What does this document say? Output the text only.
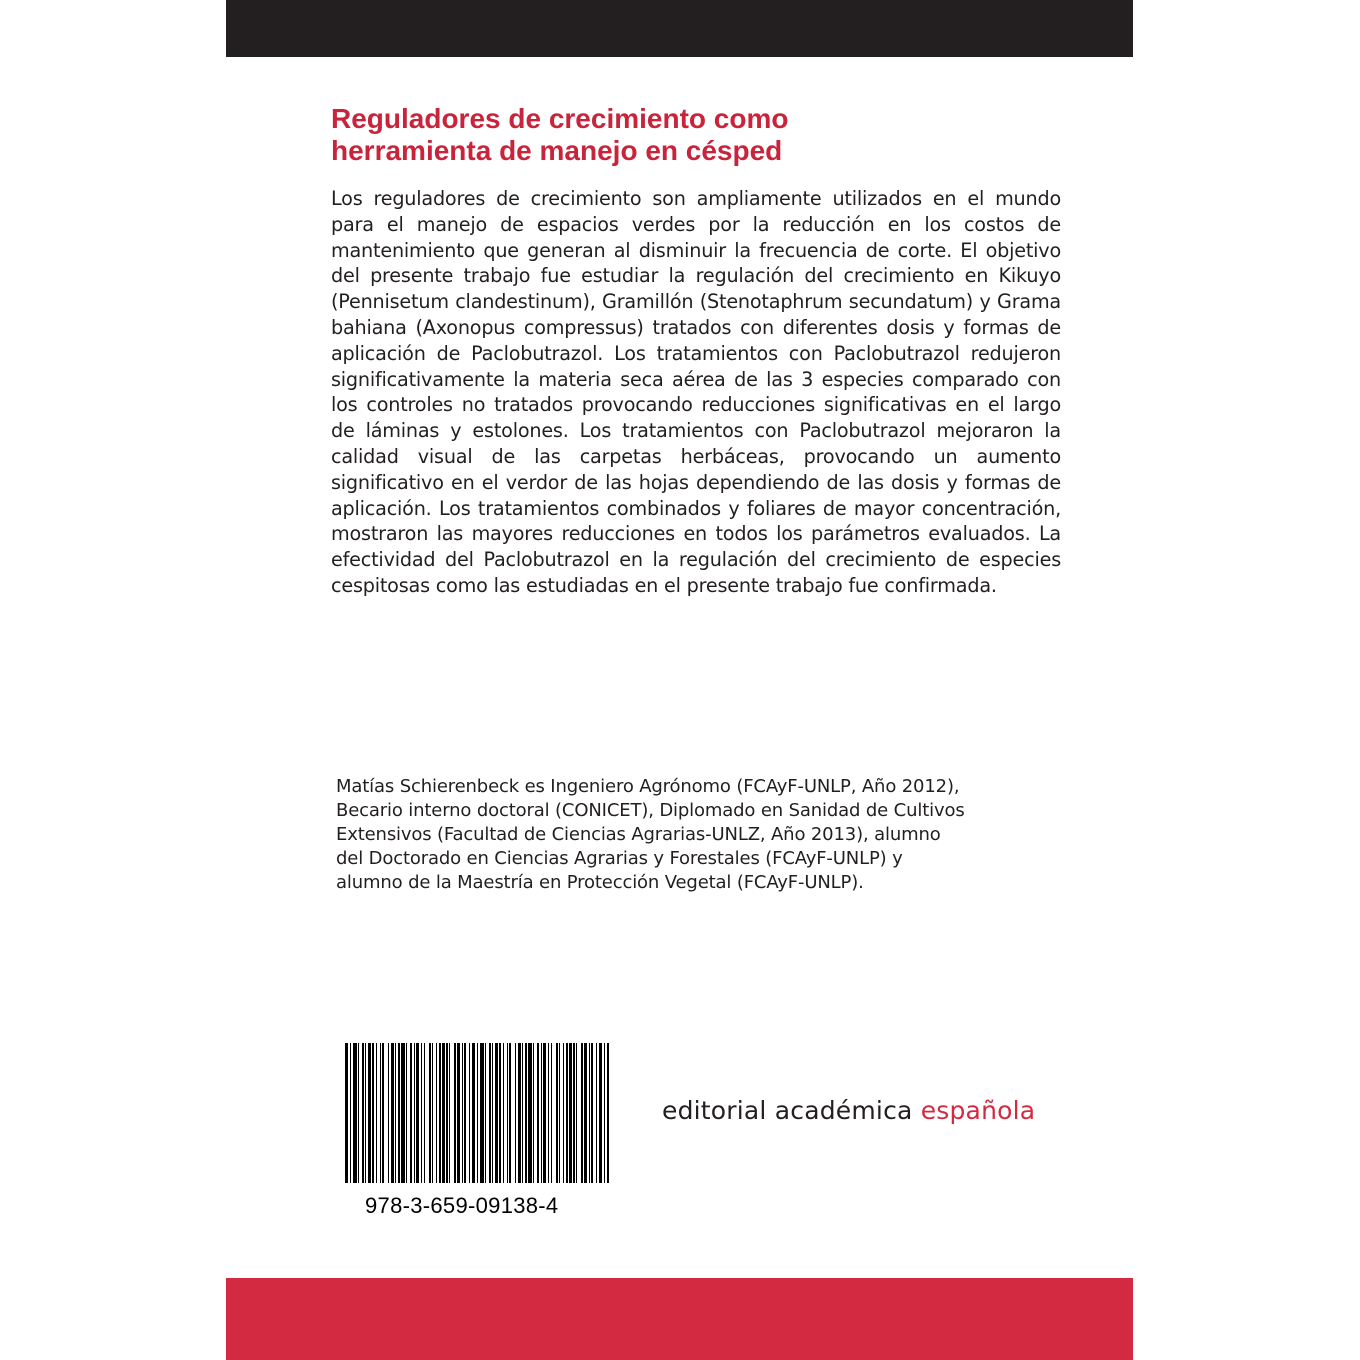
Reguladores de crecimiento como herramienta de manejo en césped

Los reguladores de crecimiento son ampliamente utilizados en el mundo para el manejo de espacios verdes por la reducción en los costos de mantenimiento que generan al disminuir la frecuencia de corte. El objetivo del presente trabajo fue estudiar la regulación del crecimiento en Kikuyo (Pennisetum clandestinum), Gramillón (Stenotaphrum secundatum) y Grama bahiana (Axonopus compressus) tratados con diferentes dosis y formas de aplicación de Paclobutrazol. Los tratamientos con Paclobutrazol redujeron significativamente la materia seca aérea de las 3 especies comparado con los controles no tratados provocando reducciones significativas en el largo de láminas y estolones. Los tratamientos con Paclobutrazol mejoraron la calidad visual de las carpetas herbáceas, provocando un aumento significativo en el verdor de las hojas dependiendo de las dosis y formas de aplicación. Los tratamientos combinados y foliares de mayor concentración, mostraron las mayores reducciones en todos los parámetros evaluados. La efectividad del Paclobutrazol en la regulación del crecimiento de especies cespitosas como las estudiadas en el presente trabajo fue confirmada.

Matías Schierenbeck es Ingeniero Agrónomo (FCAyF-UNLP, Año 2012),
Becario interno doctoral (CONICET), Diplomado en Sanidad de Cultivos
Extensivos (Facultad de Ciencias Agrarias-UNLZ, Año 2013), alumno
del Doctorado en Ciencias Agrarias y Forestales (FCAyF-UNLP) y
alumno de la Maestría en Protección Vegetal (FCAyF-UNLP).

978-3-659-09138-4

editorial académica española
